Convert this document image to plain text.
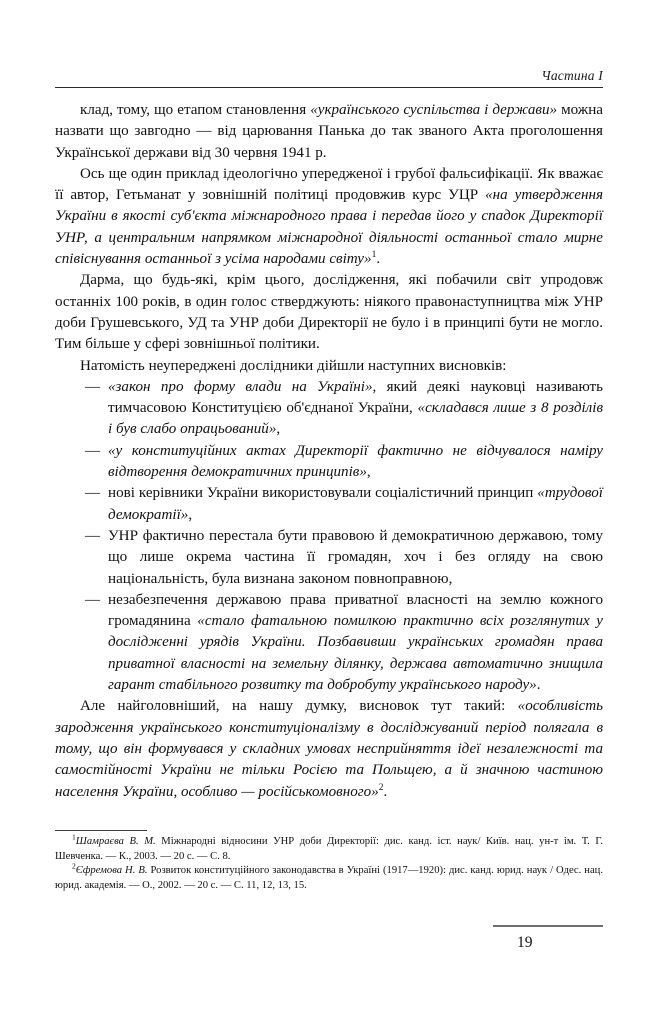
Частина I

клад, тому, що етапом становлення «українського суспільства і держави» можна назвати що завгодно — від царювання Панька до так званого Акта проголошення Української держави від 30 червня 1941 р.

Ось ще один приклад ідеологічно упередженої і грубої фальсифікації. Як вважає її автор, Гетьманат у зовнішній політиці продовжив курс УЦР «на утвердження України в якості суб'єкта міжнародного права і передав його у спадок Директорії УНР, а центральним напрямком міжнародної діяльності останньої стало мирне співіснування останньої з усіма народами світу»$^1$.

Дарма, що будь-які, крім цього, дослідження, які побачили світ упродовж останніх 100 років, в один голос стверджують: ніякого правонаступництва між УНР доби Грушевського, УД та УНР доби Директорії не було і в принципі бути не могло. Тим більше у сфері зовнішньої політики.

Натомість неупереджені дослідники дійшли наступних висновків:

— «закон про форму влади на Україні», який деякі науковці називають тимчасовою Конституцією об'єднаної України, «складався лише з 8 розділів і був слабо опрацьований»,
— «у конституційних актах Директорії фактично не відчувалося наміру відтворення демократичних принципів»,
— нові керівники України використовували соціалістичний принцип «трудової демократії»,
— УНР фактично перестала бути правовою й демократичною державою, тому що лише окрема частина її громадян, хоч і без огляду на свою національність, була визнана законом повноправною,
— незабезпечення державою права приватної власності на землю кожного громадянина «стало фатальною помилкою практично всіх розглянутих у дослідженні урядів України. Позбавивши українських громадян права приватної власності на земельну ділянку, держава автоматично знищила гарант стабільного розвитку та добробуту українського народу».

Але найголовніший, на нашу думку, висновок тут такий: «особливість зародження українського конституціоналізму в досліджуваний період полягала в тому, що він формувався у складних умовах несприйняття ідеї незалежності та самостійності України не тільки Росією та Польщею, а й значною частиною населення України, особливо — російськомовного»$^2$.

$^1$Шамраєва В. М. Міжнародні відносини УНР доби Директорії: дис. канд. іст. наук/ Київ. нац. ун-т ім. Т. Г. Шевченка. — К., 2003. — 20 с. — С. 8.

$^2$Єфремова Н. В. Розвиток конституційного законодавства в Україні (1917—1920): дис. канд. юрид. наук / Одес. нац. юрид. академія. — О., 2002. — 20 с. — С. 11, 12, 13, 15.

19
